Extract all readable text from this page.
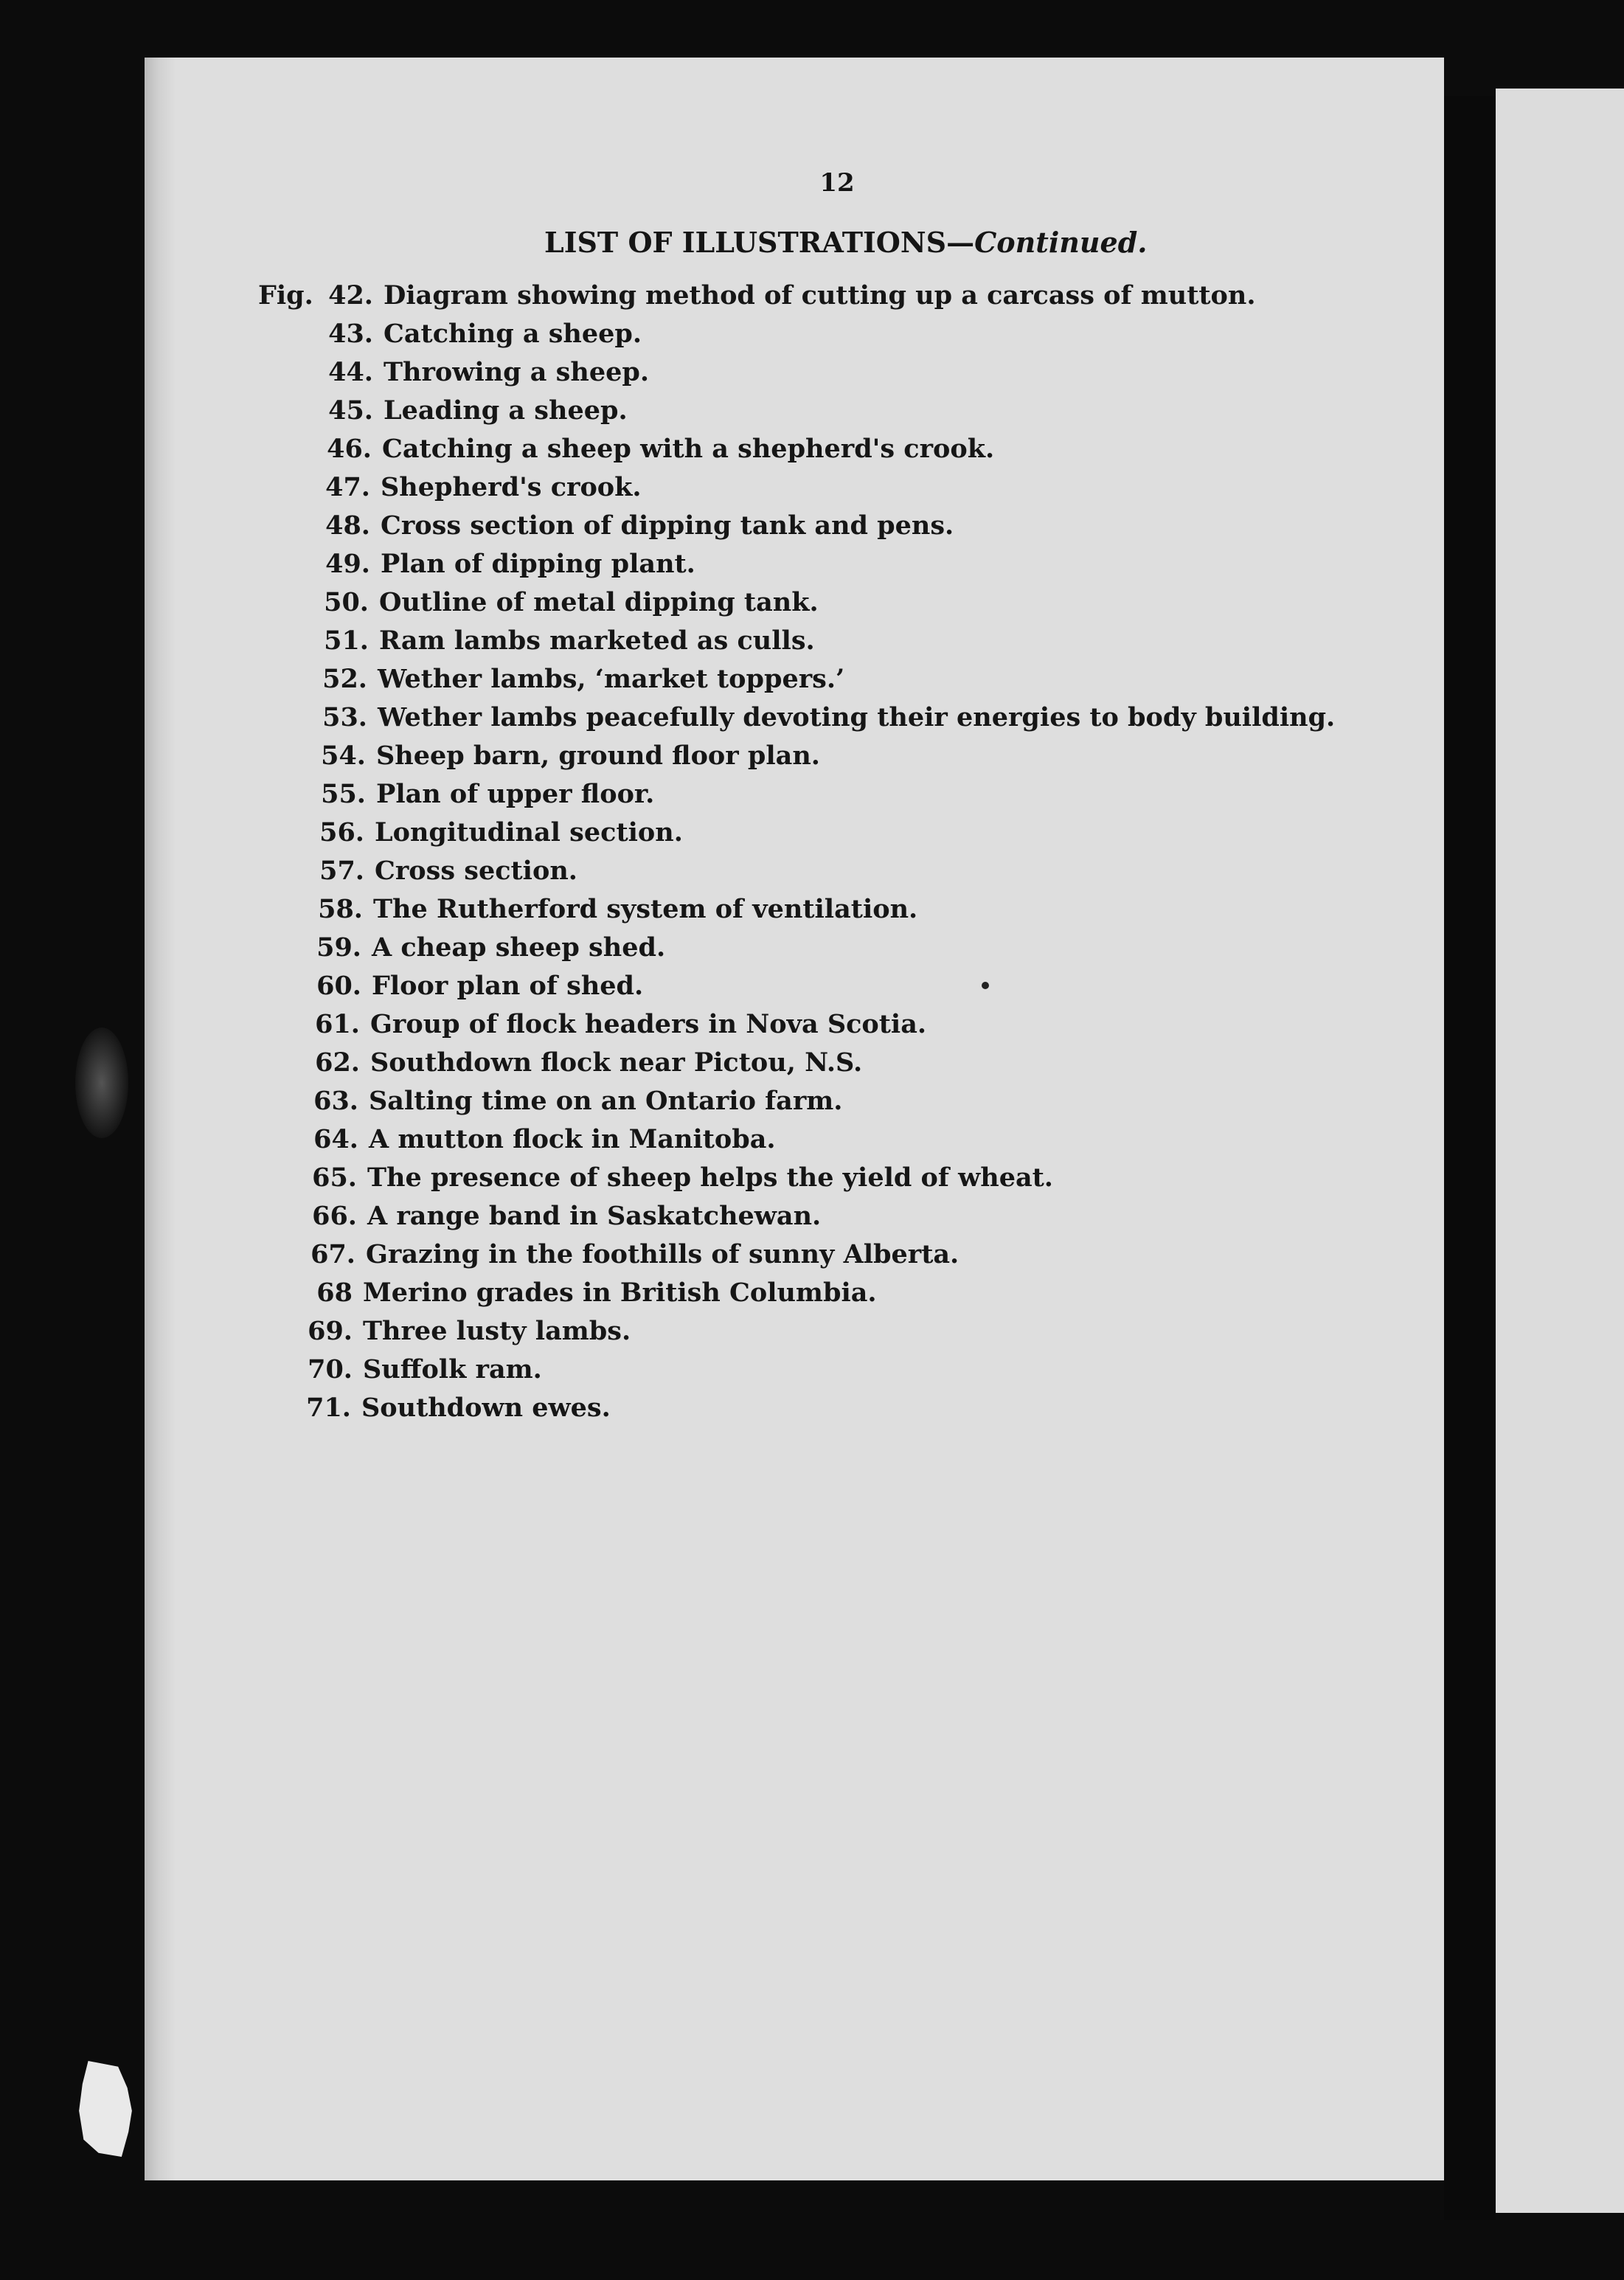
12
LIST OF ILLUSTRATIONS—Continued.
Fig. 42. Diagram showing method of cutting up a carcass of mutton.
43. Catching a sheep.
44. Throwing a sheep.
45. Leading a sheep.
46. Catching a sheep with a shepherd's crook.
47. Shepherd's crook.
48. Cross section of dipping tank and pens.
49. Plan of dipping plant.
50. Outline of metal dipping tank.
51. Ram lambs marketed as culls.
52. Wether lambs, ‘market toppers.’
53. Wether lambs peacefully devoting their energies to body building.
54. Sheep barn, ground floor plan.
55. Plan of upper floor.
56. Longitudinal section.
57. Cross section.
58. The Rutherford system of ventilation.
59. A cheap sheep shed.
60. Floor plan of shed.
61. Group of flock headers in Nova Scotia.
62. Southdown flock near Pictou, N.S.
63. Salting time on an Ontario farm.
64. A mutton flock in Manitoba.
65. The presence of sheep helps the yield of wheat.
66. A range band in Saskatchewan.
67. Grazing in the foothills of sunny Alberta.
68 Merino grades in British Columbia.
69. Three lusty lambs.
70. Suffolk ram.
71. Southdown ewes.
